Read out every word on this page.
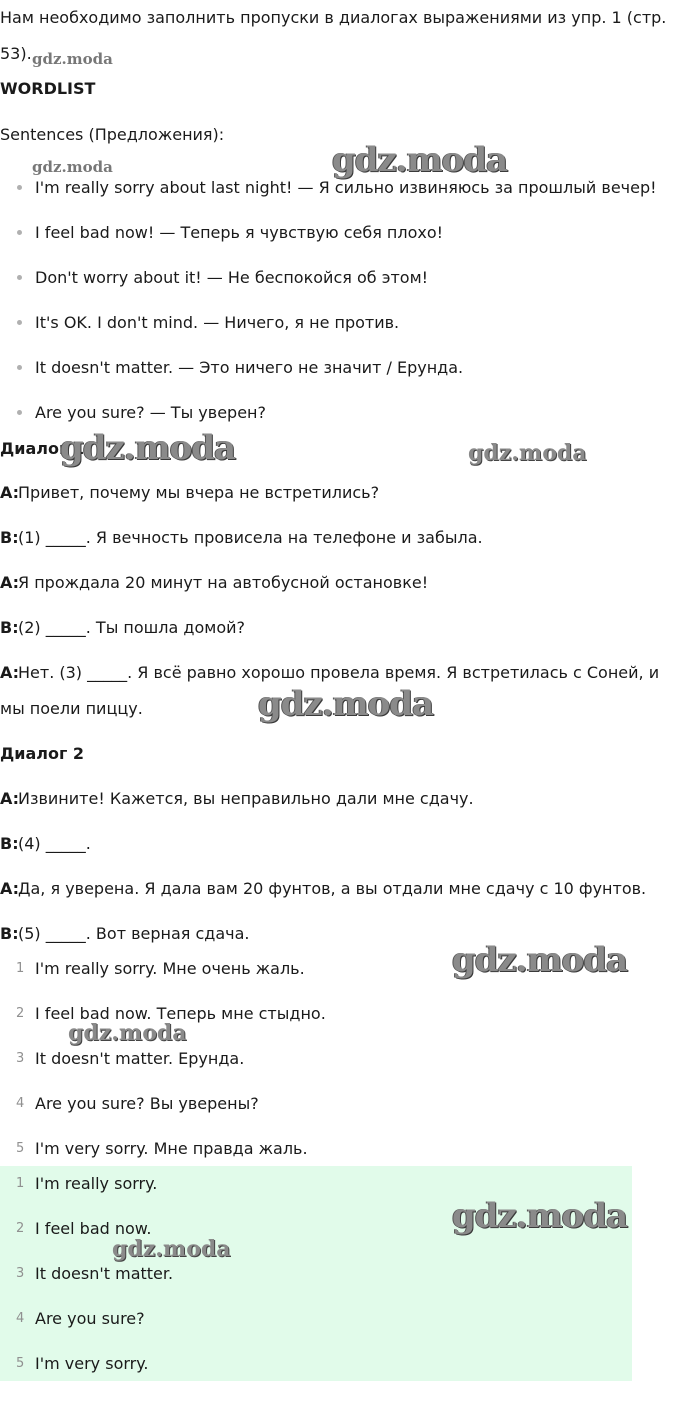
Нам необходимо заполнить пропуски в диалогах выражениями из упр. 1 (стр.
53). gdz.moda
WORDLIST
Sentences (Предложения):
gdz.moda	gdz.moda
I'm really sorry about last night! — Я сильно извиняюсь за прошлый вечер!
I feel bad now! — Теперь я чувствую себя плохо!
Don't worry about it! — Не беспокойся об этом!
It's OK. I don't mind. — Ничего, я не против.
It doesn't matter. — Это ничего не значит / Ерунда.
Are you sure? — Ты уверен?
Диалог 1
gdz.moda	gdz.moda
A:
Привет, почему мы вчера не встретились?
B: (1) _____. Я вечность провисела на телефоне и забыла.
A:
Я прождала 20 минут на автобусной остановке!
B: (2) _____. Ты пошла домой?
A:
Нет. (3) _____. Я всё равно хорошо провела время. Я встретилась с Соней, и
мы поели пиццу.	gdz.moda
Диалог 2
A:
Извините! Кажется, вы неправильно дали мне сдачу.
B: (4) _____.
A:
Да, я уверена. Я дала вам 20 фунтов, а вы отдали мне сдачу с 10 фунтов.
B: (5) _____. Вот верная сдача.
1 I'm really sorry. Мне очень жаль.
2 I feel bad now. Теперь мне стыдно.
3 It doesn't matter. Ерунда.
4 Are you sure? Вы уверены?
5 I'm very sorry. Мне правда жаль.
gdz.moda
gdz.moda
1 I'm really sorry.
2 I feel bad now.
3 It doesn't matter.
4 Are you sure?
5 I'm very sorry.
gdz.moda
gdz.moda
